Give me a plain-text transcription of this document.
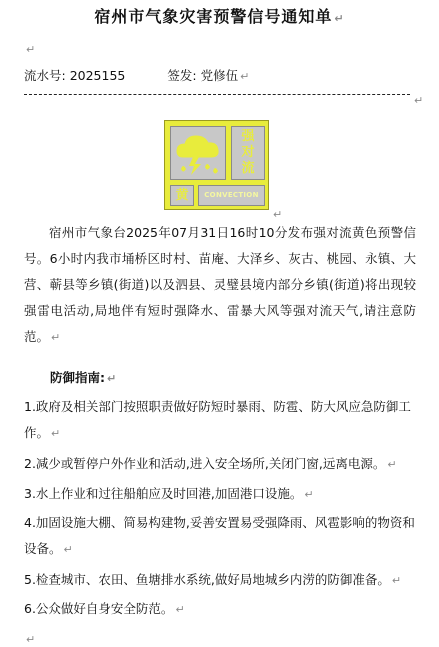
宿州市气象灾害预警信号通知单 ↵
↵
流水号: 2025155	签发: 党修伍 ↵
↵
强
对
流
黄	CONVECTION
↵
宿州市气象台2025年07月31日16时10分发布强对流黄色预警信号。6小时内我市埇桥区时村、苗庵、大泽乡、灰古、桃园、永镇、大营、蕲县等乡镇(街道)以及泗县、灵璧县境内部分乡镇(街道)将出现较强雷电活动,局地伴有短时强降水、雷暴大风等强对流天气,请注意防范。 ↵
防御指南: ↵
1.政府及相关部门按照职责做好防短时暴雨、防雹、防大风应急防御工作。 ↵
2.减少或暂停户外作业和活动,进入安全场所,关闭门窗,远离电源。 ↵
3.水上作业和过往船舶应及时回港,加固港口设施。 ↵
4.加固设施大棚、简易构建物,妥善安置易受强降雨、风雹影响的物资和设备。 ↵
5.检查城市、农田、鱼塘排水系统,做好局地城乡内涝的防御准备。 ↵
6.公众做好自身安全防范。 ↵
↵
